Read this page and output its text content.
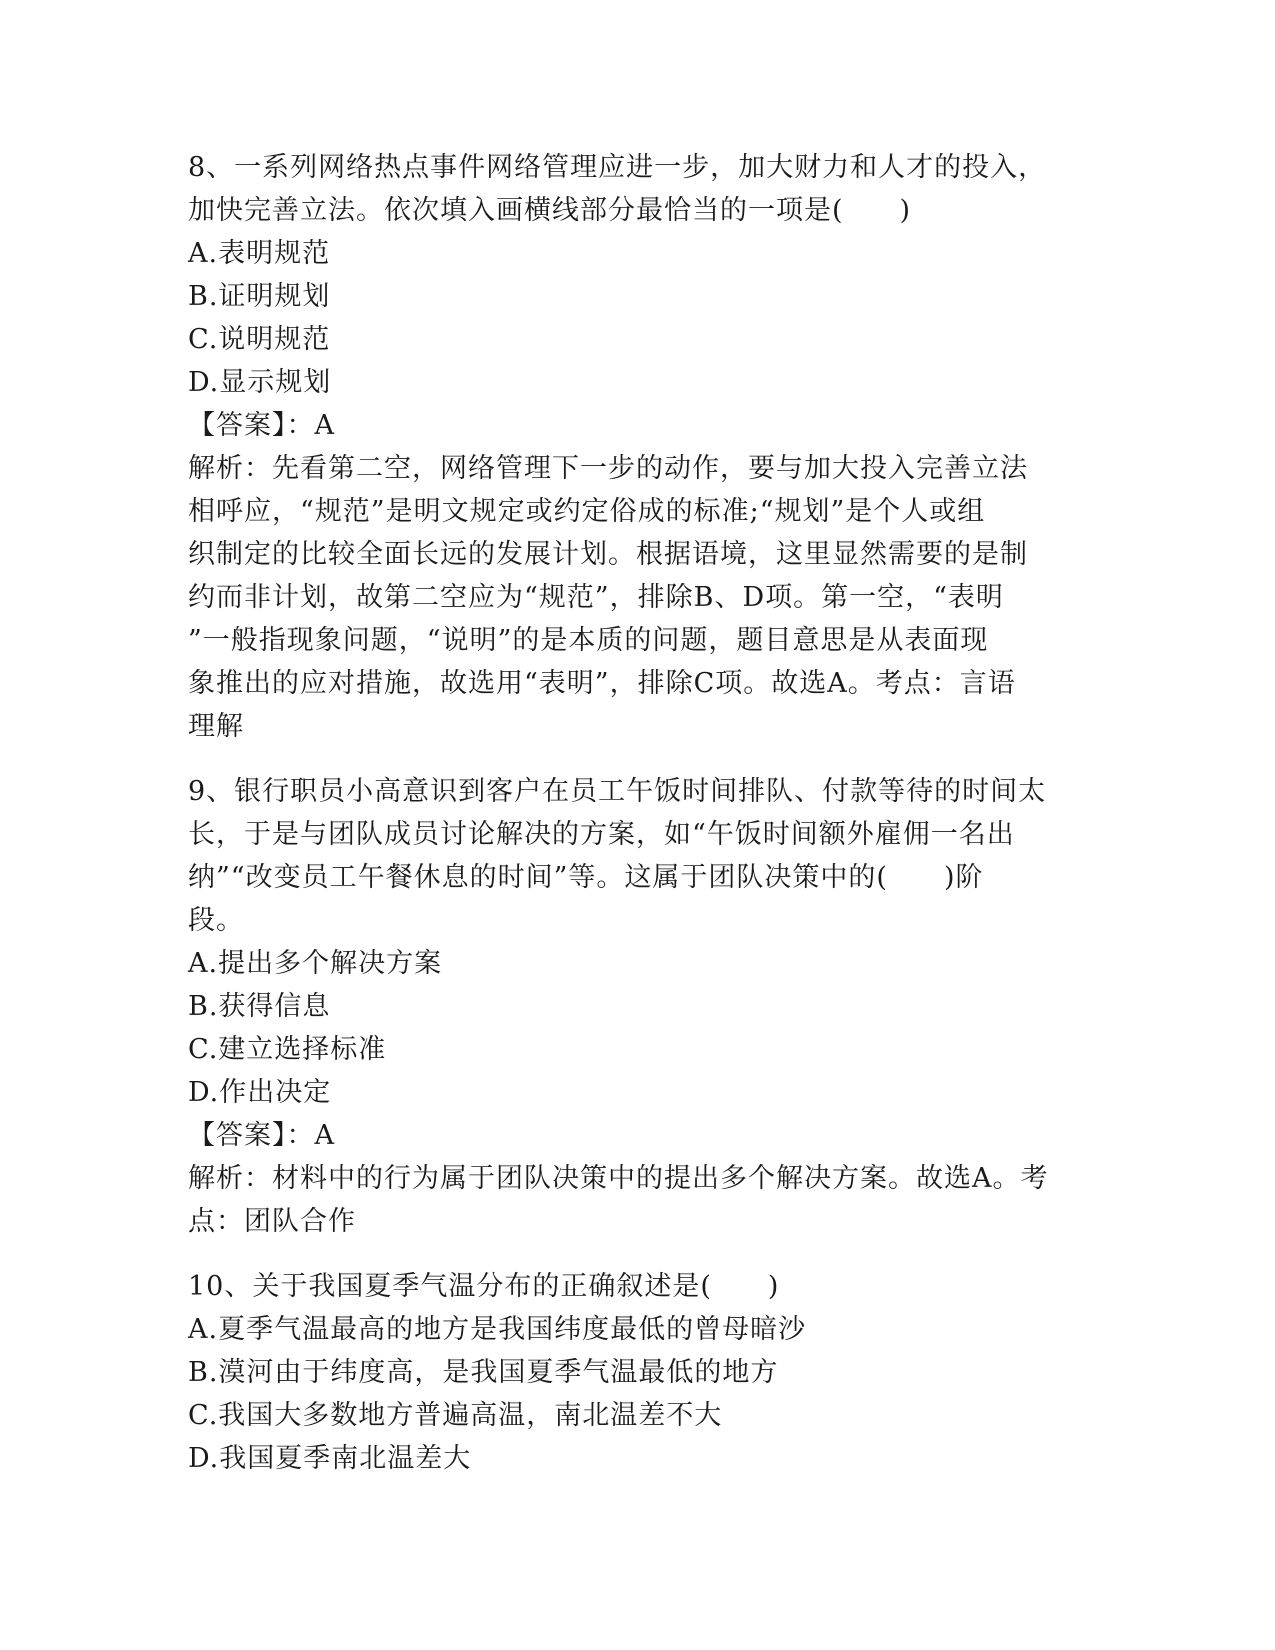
8、一系列网络热点事件网络管理应进一步，加大财力和人才的投入，
加快完善立法。依次填入画横线部分最恰当的一项是(　　)
A.表明规范
B.证明规划
C.说明规范
D.显示规划
【答案】：A
解析：先看第二空，网络管理下一步的动作，要与加大投入完善立法
相呼应，“规范”是明文规定或约定俗成的标准;“规划”是个人或组
织制定的比较全面长远的发展计划。根据语境，这里显然需要的是制
约而非计划，故第二空应为“规范”，排除B、D项。第一空，“表明
”一般指现象问题，“说明”的是本质的问题，题目意思是从表面现
象推出的应对措施，故选用“表明”，排除C项。故选A。考点：言语
理解
9、银行职员小高意识到客户在员工午饭时间排队、付款等待的时间太
长，于是与团队成员讨论解决的方案，如“午饭时间额外雇佣一名出
纳”“改变员工午餐休息的时间”等。这属于团队决策中的(　　)阶
段。
A.提出多个解决方案
B.获得信息
C.建立选择标准
D.作出决定
【答案】：A
解析：材料中的行为属于团队决策中的提出多个解决方案。故选A。考
点：团队合作
10、关于我国夏季气温分布的正确叙述是(　　)
A.夏季气温最高的地方是我国纬度最低的曾母暗沙
B.漠河由于纬度高，是我国夏季气温最低的地方
C.我国大多数地方普遍高温，南北温差不大
D.我国夏季南北温差大
